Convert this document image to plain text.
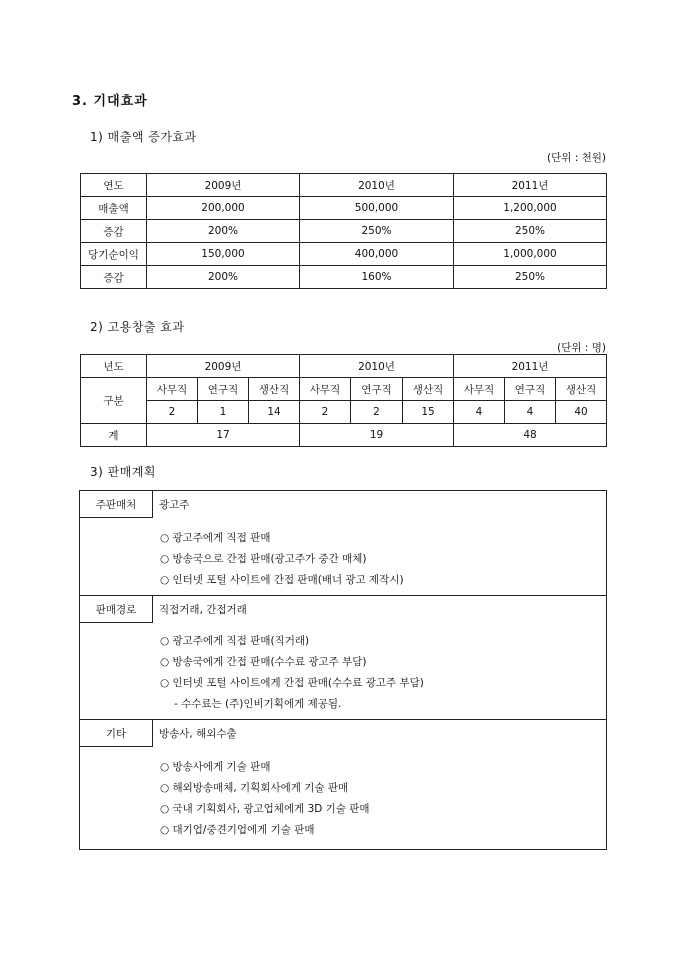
3. 기대효과
1) 매출액 증가효과
(단위 : 천원)
연도	2009년	2010년	2011년
매출액	200,000	500,000	1,200,000
증감	200%	250%	250%
당기순이익	150,000	400,000	1,000,000
증감	200%	160%	250%
2) 고용창출 효과
(단위 : 명)
년도	2009년			2010년			2011년		
구분	사무직	연구직	생산직	사무직	연구직	생산직	사무직	연구직	생산직
	2	1	14	2	2	15	4	4	40
계	17			19			48		
3) 판매계획
주판매처	광고주

○ 광고주에게 직접 판매
○ 방송국으로 간접 판매(광고주가 중간 매체)
○ 인터넷 포털 사이트에 간접 판매(배너 광고 제작시)	

판매경로	직접거래, 간접거래

○ 광고주에게 직접 판매(직거래)
○ 방송국에게 간접 판매(수수료 광고주 부담)
○ 인터넷 포털 사이트에게 간접 판매(수수료 광고주 부담)
- 수수료는 (주)인비기획에게 제공됨.	

기타	방송사, 해외수출

○ 방송사에게 기술 판매
○ 해외방송매체, 기획회사에게 기술 판매
○ 국내 기획회사, 광고업체에게 3D 기술 판매
○ 대기업/중견기업에게 기술 판매	
